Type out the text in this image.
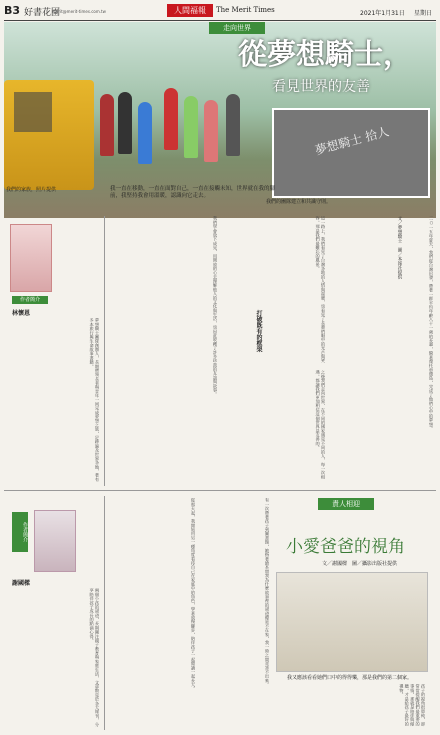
B3 好書花園
merit@merit-times.com.tw	人間福報	The Merit Times	2021年1月31日 星期日
走向世界
從夢想騎士，
看見世界的友善
夢想騎士 拾人
我們的團隊建立和共識守則。
我們的家族，照片提供	我一直在移動，一直在面對自己，一直在接觸未知，世界就在我的腳前，我堅持我會用溫暖，認識向它走去。
二○一五年夏天，我們從台灣出發，帶著一群平均年齡八十一歲的長輩，騎著摩托車環島，完成了他們心中的夢想。
這一路上，我們看見了台灣各地的人情與溫暖，也看見了長輩們眼中的光芒與笑容，那是我們最難忘的風景。
打破既有的框架
之後我們走向世界，在不同的國家遇見不同的人，每一次相遇，都讓我們更加相信這個世界是友善的。
我們學會放下成見，用開放的心去理解他人的文化與生活，也因此收穫了許多珍貴的友誼與故事。	文／夢想騎士　圖／本報社提供
作者簡介
林懷恩
夢想騎士團隊創辦人，長期帶領長者與青年一同完成夢想之旅，足跡遍及世界各地，著有多本旅行與生命故事書籍。
作者簡介
謝國樑
兩個小孩的爸爸，長期關注親子教育與家庭生活，文章散見於各大報刊，分享陪伴孩子成長的點滴心得。
責人相迎
小愛爸爸的視角
文／謝國樑　圖／攝影出版社提供
我又應該看看她們口中的得得樂，那是我們的第二個家。
有一次帶著孩子到圖書館，她指著繪本問我為什麼故事裡的爸爸總是不在家，我一時之間竟答不出來。
從那天起，我開始用另一種角度看待自己在家庭中的角色，學著放慢腳步，陪伴孩子一起閱讀一起長大。
孩子的視角很單純，卻常常提醒我們最重要的事情，那就是陪伴與傾聽，才是給孩子最好的禮物。
